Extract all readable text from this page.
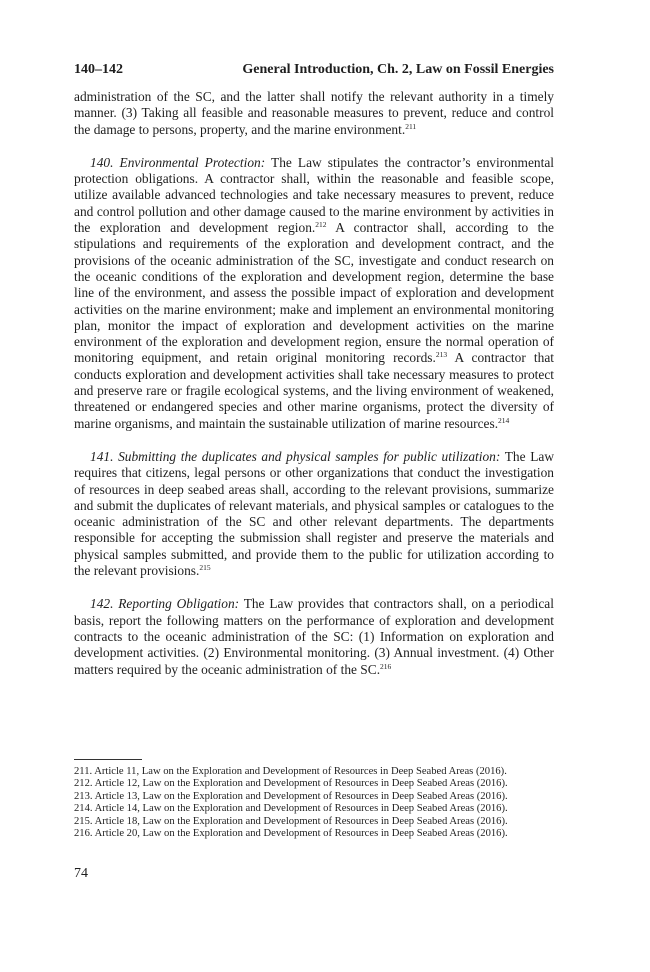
140–142	General Introduction, Ch. 2, Law on Fossil Energies

administration of the SC, and the latter shall notify the relevant authority in a timely manner. (3) Taking all feasible and reasonable measures to prevent, reduce and control the damage to persons, property, and the marine environment.$^{211}$

140. Environmental Protection: The Law stipulates the contractor’s environmental protection obligations. A contractor shall, within the reasonable and feasible scope, utilize available advanced technologies and take necessary measures to prevent, reduce and control pollution and other damage caused to the marine environment by activities in the exploration and development region.$^{212}$ A contractor shall, according to the stipulations and requirements of the exploration and development contract, and the provisions of the oceanic administration of the SC, investigate and conduct research on the oceanic conditions of the exploration and development region, determine the base line of the environment, and assess the possible impact of exploration and development activities on the marine environment; make and implement an environmental monitoring plan, monitor the impact of exploration and development activities on the marine environment of the exploration and development region, ensure the normal operation of monitoring equipment, and retain original monitoring records.$^{213}$ A contractor that conducts exploration and development activities shall take necessary measures to protect and preserve rare or fragile ecological systems, and the living environment of weakened, threatened or endangered species and other marine organisms, protect the diversity of marine organisms, and maintain the sustainable utilization of marine resources.$^{214}$

141. Submitting the duplicates and physical samples for public utilization: The Law requires that citizens, legal persons or other organizations that conduct the investigation of resources in deep seabed areas shall, according to the relevant provisions, summarize and submit the duplicates of relevant materials, and physical samples or catalogues to the oceanic administration of the SC and other relevant departments. The departments responsible for accepting the submission shall register and preserve the materials and physical samples submitted, and provide them to the public for utilization according to the relevant provisions.$^{215}$

142. Reporting Obligation: The Law provides that contractors shall, on a periodical basis, report the following matters on the performance of exploration and development contracts to the oceanic administration of the SC: (1) Information on exploration and development activities. (2) Environmental monitoring. (3) Annual investment. (4) Other matters required by the oceanic administration of the SC.$^{216}$

211. Article 11, Law on the Exploration and Development of Resources in Deep Seabed Areas (2016).
212. Article 12, Law on the Exploration and Development of Resources in Deep Seabed Areas (2016).
213. Article 13, Law on the Exploration and Development of Resources in Deep Seabed Areas (2016).
214. Article 14, Law on the Exploration and Development of Resources in Deep Seabed Areas (2016).
215. Article 18, Law on the Exploration and Development of Resources in Deep Seabed Areas (2016).
216. Article 20, Law on the Exploration and Development of Resources in Deep Seabed Areas (2016).
74
